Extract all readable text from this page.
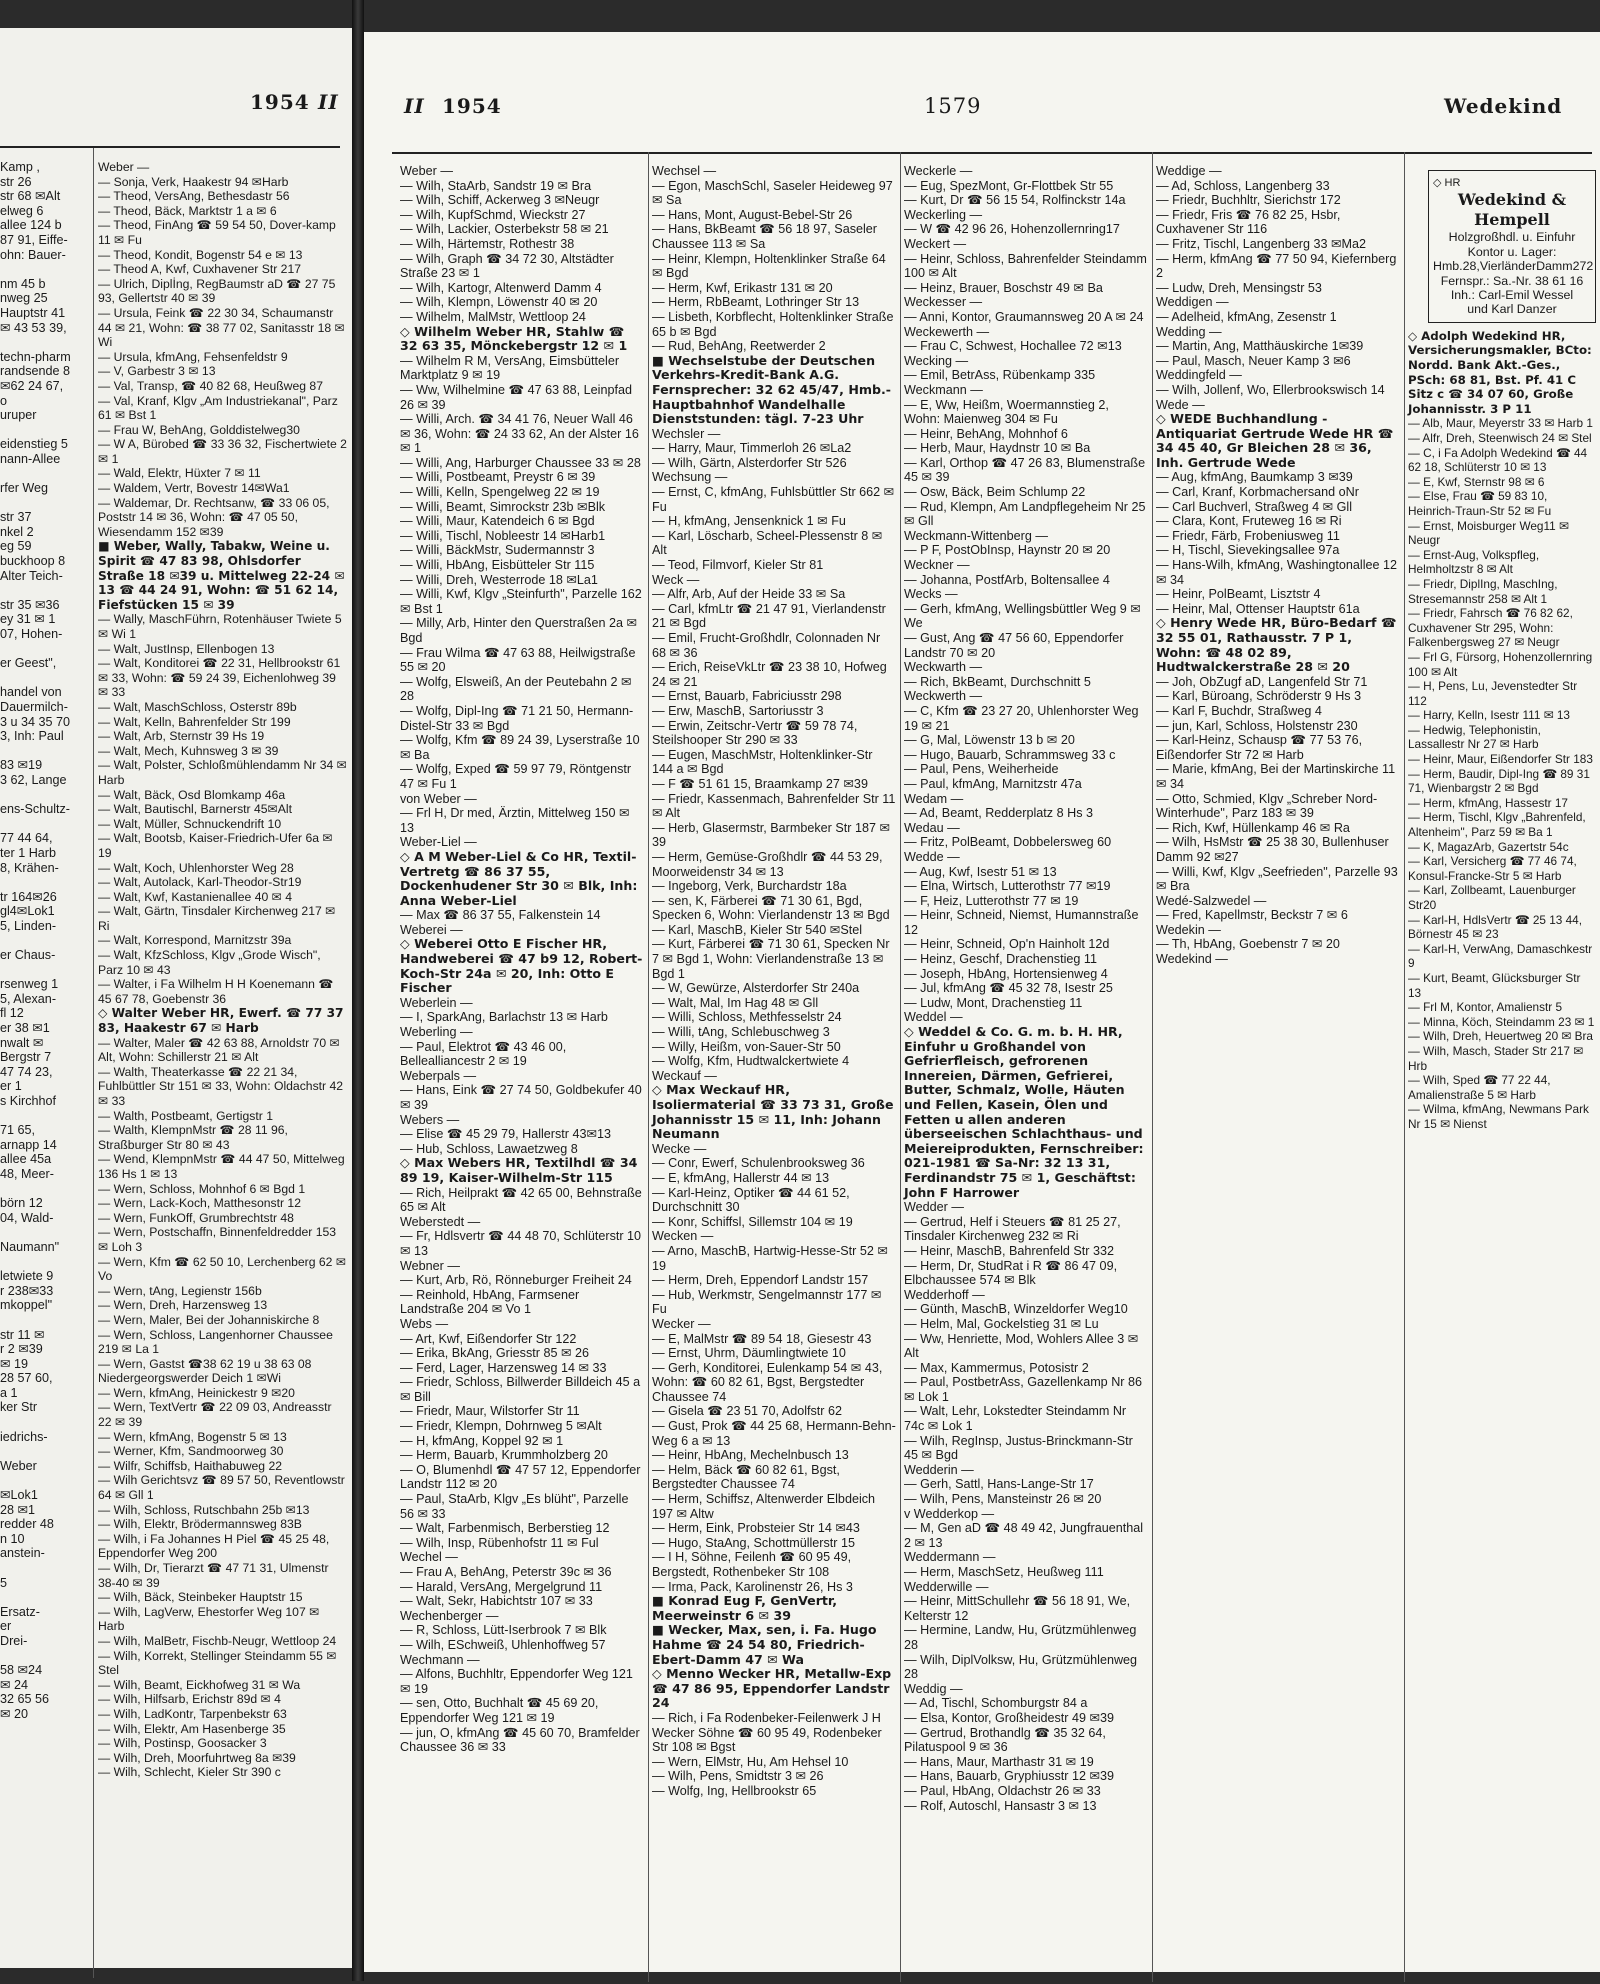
1954 II
Kamp ,
str 26
str 68 ✉Alt
elweg 6
allee 124 b
87 91, Eiffe-
ohn: Bauer-

nm 45 b
nweg 25
Hauptstr 41
✉ 43 53 39,

techn-pharm
randsende 8
✉62 24 67,
o
uruper

eidenstieg 5
nann-Allee

rfer Weg

str 37
nkel 2
eg 59
buckhoop 8
Alter Teich-

str 35 ✉36
ey 31 ✉ 1
07, Hohen-

er Geest",

handel von
Dauermilch-
3 u 34 35 70
3, Inh: Paul

83 ✉19
3 62, Lange

ens-Schultz-

77 44 64,
ter 1 Harb
8, Krähen-

tr 164✉26
gl4✉Lok1
5, Linden-

er Chaus-

rsenweg 1
5, Alexan-
fl 12
er 38 ✉1
nwalt ✉
Bergstr 7
47 74 23,
er 1
s Kirchhof

71 65,
arnapp 14
allee 45a
48, Meer-

börn 12
04, Wald-

Naumann"

letwiete 9
r 238✉33
mkoppel"

str 11 ✉
r 2 ✉39
✉ 19
28 57 60,
a 1
ker Str

iedrichs-

Weber

✉Lok1
28 ✉1
redder 48
n 10
anstein-

5

Ersatz-
er
Drei-

58 ✉24
✉ 24
32 65 56
✉ 20
Weber —
— Sonja, Verk, Haakestr 94 ✉Harb
— Theod, VersAng, Bethesdastr 56
— Theod, Bäck, Marktstr 1 a ✉ 6
— Theod, FinAng ☎ 59 54 50, Dover-kamp 11 ✉ Fu
— Theod, Kondit, Bogenstr 54 e ✉ 13
— Theod A, Kwf, Cuxhavener Str 217
— Ulrich, Diplİng, RegBaumstr aD ☎ 27 75 93, Gellertstr 40 ✉ 39
— Ursula, Feink ☎ 22 30 34, Schaumanstr 44 ✉ 21, Wohn: ☎ 38 77 02, Sanitasstr 18 ✉ Wi
— Ursula, kfmAng, Fehsenfeldstr 9
— V, Garbestr 3 ✉ 13
— Val, Transp, ☎ 40 82 68, Heußweg 87
— Val, Kranf, Klgv „Am Industriekanal", Parz 61 ✉ Bst 1
— Frau W, BehAng, Golddistelweg30
— W A, Bürobed ☎ 33 36 32, Fischertwiete 2 ✉ 1
— Wald, Elektr, Hüxter 7 ✉ 11
— Waldem, Vertr, Bovestr 14✉Wa1
— Waldemar, Dr. Rechtsanw, ☎ 33 06 05, Poststr 14 ✉ 36, Wohn: ☎ 47 05 50, Wiesendamm 152 ✉39
■ Weber, Wally, Tabakw, Weine u. Spirit ☎ 47 83 98, Ohlsdorfer Straße 18 ✉39 u. Mittelweg 22-24 ✉ 13 ☎ 44 24 91, Wohn: ☎ 51 62 14, Fiefstücken 15 ✉ 39
— Wally, MaschFührn, Rotenhäuser Twiete 5 ✉ Wi 1
— Walt, JustInsp, Ellenbogen 13
— Walt, Konditorei ☎ 22 31, Hellbrookstr 61 ✉ 33, Wohn: ☎ 59 24 39, Eichenlohweg 39 ✉ 33
— Walt, MaschSchloss, Osterstr 89b
— Walt, Kelln, Bahrenfelder Str 199
— Walt, Arb, Sternstr 39 Hs 19
— Walt, Mech, Kuhnsweg 3 ✉ 39
— Walt, Polster, Schloßmühlendamm Nr 34 ✉ Harb
— Walt, Bäck, Osd Blomkamp 46a
— Walt, Bautischl, Barnerstr 45✉Alt
— Walt, Müller, Schnuckendrift 10
— Walt, Bootsb, Kaiser-Friedrich-Ufer 6a ✉ 19
— Walt, Koch, Uhlenhorster Weg 28
— Walt, Autolack, Karl-Theodor-Str19
— Walt, Kwf, Kastanienallee 40 ✉ 4
— Walt, Gärtn, Tinsdaler Kirchenweg 217 ✉ Ri
— Walt, Korrespond, Marnitzstr 39a
— Walt, KfzSchloss, Klgv „Grode Wisch", Parz 10 ✉ 43
— Walter, i Fa Wilhelm H H Koenemann ☎ 45 67 78, Goebenstr 36
◇ Walter Weber HR, Ewerf. ☎ 77 37 83, Haakestr 67 ✉ Harb
— Walter, Maler ☎ 42 63 88, Arnoldstr 70 ✉ Alt, Wohn: Schillerstr 21 ✉ Alt
— Walth, Theaterkasse ☎ 22 21 34, Fuhlbüttler Str 151 ✉ 33, Wohn: Oldachstr 42 ✉ 33
— Walth, Postbeamt, Gertigstr 1
— Walth, KlempnMstr ☎ 28 11 96, Straßburger Str 80 ✉ 43
— Wend, KlempnMstr ☎ 44 47 50, Mittelweg 136 Hs 1 ✉ 13
— Wern, Schloss, Mohnhof 6 ✉ Bgd 1
— Wern, Lack-Koch, Matthesonstr 12
— Wern, FunkOff, Grumbrechtstr 48
— Wern, Postschaffn, Binnenfeldredder 153 ✉ Loh 3
— Wern, Kfm ☎ 62 50 10, Lerchenberg 62 ✉ Vo
— Wern, tAng, Legienstr 156b
— Wern, Dreh, Harzensweg 13
— Wern, Maler, Bei der Johanniskirche 8
— Wern, Schloss, Langenhorner Chaussee 219 ✉ La 1
— Wern, Gastst ☎38 62 19 u 38 63 08 Niedergeorgswerder Deich 1 ✉Wi
— Wern, kfmAng, Heinickestr 9 ✉20
— Wern, TextVertr ☎ 22 09 03, Andreasstr 22 ✉ 39
— Wern, kfmAng, Bogenstr 5 ✉ 13
— Werner, Kfm, Sandmoorweg 30
— Wilfr, Schiffsb, Haithabuweg 22
— Wilh Gerichtsvz ☎ 89 57 50, Reventlowstr 64 ✉ Gll 1
— Wilh, Schloss, Rutschbahn 25b ✉13
— Wilh, Elektr, Brödermannsweg 83B
— Wilh, i Fa Johannes H Piel ☎ 45 25 48, Eppendorfer Weg 200
— Wilh, Dr, Tierarzt ☎ 47 71 31, Ulmenstr 38-40 ✉ 39
— Wilh, Bäck, Steinbeker Hauptstr 15
— Wilh, LagVerw, Ehestorfer Weg 107 ✉ Harb
— Wilh, MalBetr, Fischb-Neugr, Wettloop 24
— Wilh, Korrekt, Stellinger Steindamm 55 ✉ Stel
— Wilh, Beamt, Eickhofweg 31 ✉ Wa
— Wilh, Hilfsarb, Erichstr 89d ✉ 4
— Wilh, LadKontr, Tarpenbekstr 63
— Wilh, Elektr, Am Hasenberge 35
— Wilh, Postinsp, Goosacker 3
— Wilh, Dreh, Moorfuhrtweg 8a ✉39
— Wilh, Schlecht, Kieler Str 390 c
II 1954	1579	Wedekind
Weber —
— Wilh, StaArb, Sandstr 19 ✉ Bra
— Wilh, Schiff, Ackerweg 3 ✉Neugr
— Wilh, KupfSchmd, Wieckstr 27
— Wilh, Lackier, Osterbekstr 58 ✉ 21
— Wilh, Härtemstr, Rothestr 38
— Wilh, Graph ☎ 34 72 30, Altstädter Straße 23 ✉ 1
— Wilh, Kartogr, Altenwerd Damm 4
— Wilh, Klempn, Löwenstr 40 ✉ 20
— Wilhelm, MalMstr, Wettloop 24
◇ Wilhelm Weber HR, Stahlw ☎ 32 63 35, Mönckebergstr 12 ✉ 1
— Wilhelm R M, VersAng, Eimsbütteler Marktplatz 9 ✉ 19
— Ww, Wilhelmine ☎ 47 63 88, Leinpfad 26 ✉ 39
— Willi, Arch. ☎ 34 41 76, Neuer Wall 46 ✉ 36, Wohn: ☎ 24 33 62, An der Alster 16 ✉ 1
— Willi, Ang, Harburger Chaussee 33 ✉ 28
— Willi, Postbeamt, Preystr 6 ✉ 39
— Willi, Kelln, Spengelweg 22 ✉ 19
— Willi, Beamt, Simrockstr 23b ✉Blk
— Willi, Maur, Katendeich 6 ✉ Bgd
— Willi, Tischl, Nobleestr 14 ✉Harb1
— Willi, BäckMstr, Sudermannstr 3
— Willi, HbAng, Eisbütteler Str 115
— Willi, Dreh, Westerrode 18 ✉La1
— Willi, Kwf, Klgv „Steinfurth", Parzelle 162 ✉ Bst 1
— Milly, Arb, Hinter den Querstraßen 2a ✉ Bgd
— Frau Wilma ☎ 47 63 88, Heilwigstraße 55 ✉ 20
— Wolfg, Elsweiß, An der Peutebahn 2 ✉ 28
— Wolfg, Dipl-Ing ☎ 71 21 50, Hermann-Distel-Str 33 ✉ Bgd
— Wolfg, Kfm ☎ 89 24 39, Lyserstraße 10 ✉ Ba
— Wolfg, Exped ☎ 59 97 79, Röntgenstr 47 ✉ Fu 1
von Weber —
— Frl H, Dr med, Ärztin, Mittelweg 150 ✉ 13
Weber-Liel —
◇ A M Weber-Liel & Co HR, Textil-Vertretg ☎ 86 37 55, Dockenhudener Str 30 ✉ Blk, Inh: Anna Weber-Liel
— Max ☎ 86 37 55, Falkenstein 14
Weberei —
◇ Weberei Otto E Fischer HR, Handweberei ☎ 47 b9 12, Robert-Koch-Str 24a ✉ 20, Inh: Otto E Fischer
Weberlein —
— I, SparkAng, Barlachstr 13 ✉ Harb
Weberling —
— Paul, Elektrot ☎ 43 46 00, Bellealliancestr 2 ✉ 19
Weberpals —
— Hans, Eink ☎ 27 74 50, Goldbekufer 40 ✉ 39
Webers —
— Elise ☎ 45 29 79, Hallerstr 43✉13
— Hub, Schloss, Lawaetzweg 8
◇ Max Webers HR, Textilhdl ☎ 34 89 19, Kaiser-Wilhelm-Str 115
— Rich, Heilprakt ☎ 42 65 00, Behnstraße 65 ✉ Alt
Weberstedt —
— Fr, Hdlsvertr ☎ 44 48 70, Schlüterstr 10 ✉ 13
Webner —
— Kurt, Arb, Rö, Rönneburger Freiheit 24
— Reinhold, HbAng, Farmsener Landstraße 204 ✉ Vo 1
Webs —
— Art, Kwf, Eißendorfer Str 122
— Erika, BkAng, Griesstr 85 ✉ 26
— Ferd, Lager, Harzensweg 14 ✉ 33
— Friedr, Schloss, Billwerder Billdeich 45 a ✉ Bill
— Friedr, Maur, Wilstorfer Str 11
— Friedr, Klempn, Dohrnweg 5 ✉Alt
— H, kfmAng, Koppel 92 ✉ 1
— Herm, Bauarb, Krummholzberg 20
— O, Blumenhdl ☎ 47 57 12, Eppendorfer Landstr 112 ✉ 20
— Paul, StaArb, Klgv „Es blüht", Parzelle 56 ✉ 33
— Walt, Farbenmisch, Berberstieg 12
— Wilh, Insp, Rübenhofstr 11 ✉ Ful
Wechel —
— Frau A, BehAng, Peterstr 39c ✉ 36
— Harald, VersAng, Mergelgrund 11
— Walt, Sekr, Habichtstr 107 ✉ 33
Wechenberger —
— R, Schloss, Lütt-Iserbrook 7 ✉ Blk
— Wilh, ESchweiß, Uhlenhoffweg 57
Wechmann —
— Alfons, Buchhltr, Eppendorfer Weg 121 ✉ 19
— sen, Otto, Buchhalt ☎ 45 69 20, Eppendorfer Weg 121 ✉ 19
— jun, O, kfmAng ☎ 45 60 70, Bramfelder Chaussee 36 ✉ 33
Wechsel —
— Egon, MaschSchl, Saseler Heideweg 97 ✉ Sa
— Hans, Mont, August-Bebel-Str 26
— Hans, BkBeamt ☎ 56 18 97, Saseler Chaussee 113 ✉ Sa
— Heinr, Klempn, Holtenklinker Straße 64 ✉ Bgd
— Herm, Kwf, Erikastr 131 ✉ 20
— Herm, RbBeamt, Lothringer Str 13
— Lisbeth, Korbflecht, Holtenklinker Straße 65 b ✉ Bgd
— Rud, BehAng, Reetwerder 2
■ Wechselstube der Deutschen Verkehrs-Kredit-Bank A.G. Fernsprecher: 32 62 45/47, Hmb.-Hauptbahnhof Wandelhalle Dienststunden: tägl. 7-23 Uhr
Wechsler —
— Harry, Maur, Timmerloh 26 ✉La2
— Wilh, Gärtn, Alsterdorfer Str 526
Wechsung —
— Ernst, C, kfmAng, Fuhlsbüttler Str 662 ✉ Fu
— H, kfmAng, Jensenknick 1 ✉ Fu
— Karl, Löscharb, Scheel-Plessenstr 8 ✉ Alt
— Teod, Filmvorf, Kieler Str 81
Weck —
— Alfr, Arb, Auf der Heide 33 ✉ Sa
— Carl, kfmLtr ☎ 21 47 91, Vierlandenstr 21 ✉ Bgd
— Emil, Frucht-Großhdlr, Colonnaden Nr 68 ✉ 36
— Erich, ReiseVkLtr ☎ 23 38 10, Hofweg 24 ✉ 21
— Ernst, Bauarb, Fabriciusstr 298
— Erw, MaschB, Sartoriusstr 3
— Erwin, Zeitschr-Vertr ☎ 59 78 74, Steilshooper Str 290 ✉ 33
— Eugen, MaschMstr, Holtenklinker-Str 144 a ✉ Bgd
— F ☎ 51 61 15, Braamkamp 27 ✉39
— Friedr, Kassenmach, Bahrenfelder Str 11 ✉ Alt
— Herb, Glasermstr, Barmbeker Str 187 ✉ 39
— Herm, Gemüse-Großhdlr ☎ 44 53 29, Moorweidenstr 34 ✉ 13
— Ingeborg, Verk, Burchardstr 18a
— sen, K, Färberei ☎ 71 30 61, Bgd, Specken 6, Wohn: Vierlandenstr 13 ✉ Bgd
— Karl, MaschB, Kieler Str 540 ✉Stel
— Kurt, Färberei ☎ 71 30 61, Specken Nr 7 ✉ Bgd 1, Wohn: Vierlandenstraße 13 ✉ Bgd 1
— W, Gewürze, Alsterdorfer Str 240a
— Walt, Mal, Im Hag 48 ✉ Gll
— Willi, Schloss, Methfesselstr 24
— Willi, tAng, Schlebuschweg 3
— Willy, Heißm, von-Sauer-Str 50
— Wolfg, Kfm, Hudtwalckertwiete 4
Weckauf —
◇ Max Weckauf HR, Isoliermaterial ☎ 33 73 31, Große Johannisstr 15 ✉ 11, Inh: Johann Neumann
Wecke —
— Conr, Ewerf, Schulenbrooksweg 36
— E, kfmAng, Hallerstr 44 ✉ 13
— Karl-Heinz, Optiker ☎ 44 61 52, Durchschnitt 30
— Konr, Schiffsl, Sillemstr 104 ✉ 19
Wecken —
— Arno, MaschB, Hartwig-Hesse-Str 52 ✉ 19
— Herm, Dreh, Eppendorf Landstr 157
— Hub, Werkmstr, Sengelmannstr 177 ✉ Fu
Wecker —
— E, MalMstr ☎ 89 54 18, Giesestr 43
— Ernst, Uhrm, Däumlingtwiete 10
— Gerh, Konditorei, Eulenkamp 54 ✉ 43, Wohn: ☎ 60 82 61, Bgst, Bergstedter Chaussee 74
— Gisela ☎ 23 51 70, Adolfstr 62
— Gust, Prok ☎ 44 25 68, Hermann-Behn-Weg 6 a ✉ 13
— Heinr, HbAng, Mechelnbusch 13
— Helm, Bäck ☎ 60 82 61, Bgst, Bergstedter Chaussee 74
— Herm, Schiffsz, Altenwerder Elbdeich 197 ✉ Altw
— Herm, Eink, Probsteier Str 14 ✉43
— Hugo, StaAng, Schottmüllerstr 15
— I H, Söhne, Feilenh ☎ 60 95 49, Bergstedt, Rothenbeker Str 108
— Irma, Pack, Karolinenstr 26, Hs 3
■ Konrad Eug F, GenVertr, Meerweinstr 6 ✉ 39
■ Wecker, Max, sen, i. Fa. Hugo Hahme ☎ 24 54 80, Friedrich-Ebert-Damm 47 ✉ Wa
◇ Menno Wecker HR, Metallw-Exp ☎ 47 86 95, Eppendorfer Landstr 24
— Rich, i Fa Rodenbeker-Feilenwerk J H Wecker Söhne ☎ 60 95 49, Rodenbeker Str 108 ✉ Bgst
— Wern, ElMstr, Hu, Am Hehsel 10
— Wilh, Pens, Smidtstr 3 ✉ 26
— Wolfg, Ing, Hellbrookstr 65
Weckerle —
— Eug, SpezMont, Gr-Flottbek Str 55
— Kurt, Dr ☎ 56 15 54, Rolfinckstr 14a
Weckerling —
— W ☎ 42 96 26, Hohenzollernring17
Weckert —
— Heinr, Schloss, Bahrenfelder Steindamm 100 ✉ Alt
— Heinz, Brauer, Boschstr 49 ✉ Ba
Weckesser —
— Anni, Kontor, Graumannsweg 20 A ✉ 24
Weckewerth —
— Frau C, Schwest, Hochallee 72 ✉13
Wecking —
— Emil, BetrAss, Rübenkamp 335
Weckmann —
— E, Ww, Heißm, Woermannstieg 2, Wohn: Maienweg 304 ✉ Fu
— Heinr, BehAng, Mohnhof 6
— Herb, Maur, Haydnstr 10 ✉ Ba
— Karl, Orthop ☎ 47 26 83, Blumenstraße 45 ✉ 39
— Osw, Bäck, Beim Schlump 22
— Rud, Klempn, Am Landpflegeheim Nr 25 ✉ Gll
Weckmann-Wittenberg —
— P F, PostObInsp, Haynstr 20 ✉ 20
Weckner —
— Johanna, PostfArb, Boltensallee 4
Wecks —
— Gerh, kfmAng, Wellingsbüttler Weg 9 ✉ We
— Gust, Ang ☎ 47 56 60, Eppendorfer Landstr 70 ✉ 20
Weckwarth —
— Rich, BkBeamt, Durchschnitt 5
Weckwerth —
— C, Kfm ☎ 23 27 20, Uhlenhorster Weg 19 ✉ 21
— G, Mal, Löwenstr 13 b ✉ 20
— Hugo, Bauarb, Schrammsweg 33 c
— Paul, Pens, Weiherheide
— Paul, kfmAng, Marnitzstr 47a
Wedam —
— Ad, Beamt, Redderplatz 8 Hs 3
Wedau —
— Fritz, PolBeamt, Dobbelersweg 60
Wedde —
— Aug, Kwf, Isestr 51 ✉ 13
— Elna, Wirtsch, Lutterothstr 77 ✉19
— F, Heiz, Lutterothstr 77 ✉ 19
— Heinr, Schneid, Niemst, Humannstraße 12
— Heinr, Schneid, Op'n Hainholt 12d
— Heinz, Geschf, Drachenstieg 11
— Joseph, HbAng, Hortensienweg 4
— Jul, kfmAng ☎ 45 32 78, Isestr 25
— Ludw, Mont, Drachenstieg 11
Weddel —
◇ Weddel & Co. G. m. b. H. HR, Einfuhr u Großhandel von Gefrierfleisch, gefrorenen Innereien, Därmen, Gefrierei, Butter, Schmalz, Wolle, Häuten und Fellen, Kasein, Ölen und Fetten u allen anderen überseeischen Schlachthaus- und Meiereiprodukten, Fernschreiber: 021-1981 ☎ Sa-Nr: 32 13 31, Ferdinandstr 75 ✉ 1, Geschäftst: John F Harrower
Wedder —
— Gertrud, Helf i Steuers ☎ 81 25 27, Tinsdaler Kirchenweg 232 ✉ Ri
— Heinr, MaschB, Bahrenfeld Str 332
— Herm, Dr, StudRat i R ☎ 86 47 09, Elbchaussee 574 ✉ Blk
Wedderhoff —
— Günth, MaschB, Winzeldorfer Weg10
— Helm, Mal, Gockelstieg 31 ✉ Lu
— Ww, Henriette, Mod, Wohlers Allee 3 ✉ Alt
— Max, Kammermus, Potosistr 2
— Paul, PostbetrAss, Gazellenkamp Nr 86 ✉ Lok 1
— Walt, Lehr, Lokstedter Steindamm Nr 74c ✉ Lok 1
— Wilh, RegInsp, Justus-Brinckmann-Str 45 ✉ Bgd
Wedderin —
— Gerh, Sattl, Hans-Lange-Str 17
— Wilh, Pens, Mansteinstr 26 ✉ 20
v Wedderkop —
— M, Gen aD ☎ 48 49 42, Jungfrauenthal 2 ✉ 13
Weddermann —
— Herm, MaschSetz, Heußweg 111
Wedderwille —
— Heinr, MittSchullehr ☎ 56 18 91, We, Kelterstr 12
— Hermine, Landw, Hu, Grützmühlenweg 28
— Wilh, DiplVolksw, Hu, Grützmühlenweg 28
Weddig —
— Ad, Tischl, Schomburgstr 84 a
— Elsa, Kontor, Großheidestr 49 ✉39
— Gertrud, Brothandlg ☎ 35 32 64, Pilatuspool 9 ✉ 36
— Hans, Maur, Marthastr 31 ✉ 19
— Hans, Bauarb, Gryphiusstr 12 ✉39
— Paul, HbAng, Oldachstr 26 ✉ 33
— Rolf, Autoschl, Hansastr 3 ✉ 13
Weddige —
— Ad, Schloss, Langenberg 33
— Friedr, Buchhltr, Sierichstr 172
— Friedr, Fris ☎ 76 82 25, Hsbr, Cuxhavener Str 116
— Fritz, Tischl, Langenberg 33 ✉Ma2
— Herm, kfmAng ☎ 77 50 94, Kiefernberg 2
— Ludw, Dreh, Mensingstr 53
Weddigen —
— Adelheid, kfmAng, Zesenstr 1
Wedding —
— Martin, Ang, Matthäuskirche 1✉39
— Paul, Masch, Neuer Kamp 3 ✉6
Weddingfeld —
— Wilh, Jollenf, Wo, Ellerbrookswisch 14
Wede —
◇ WEDE Buchhandlung - Antiquariat Gertrude Wede HR ☎ 34 45 40, Gr Bleichen 28 ✉ 36, Inh. Gertrude Wede
— Aug, kfmAng, Baumkamp 3 ✉39
— Carl, Kranf, Korbmachersand oNr
— Carl Buchverl, Straßweg 4 ✉ Gll
— Clara, Kont, Fruteweg 16 ✉ Ri
— Friedr, Färb, Frobeniusweg 11
— H, Tischl, Sievekingsallee 97a
— Hans-Wilh, kfmAng, Washingtonallee 12 ✉ 34
— Heinr, PolBeamt, Lisztstr 4
— Heinr, Mal, Ottenser Hauptstr 61a
◇ Henry Wede HR, Büro-Bedarf ☎ 32 55 01, Rathausstr. 7 P 1, Wohn: ☎ 48 02 89, Hudtwalckerstraße 28 ✉ 20
— Joh, ObZugf aD, Langenfeld Str 71
— Karl, Büroang, Schröderstr 9 Hs 3
— Karl F, Buchdr, Straßweg 4
— jun, Karl, Schloss, Holstenstr 230
— Karl-Heinz, Schausp ☎ 77 53 76, Eißendorfer Str 72 ✉ Harb
— Marie, kfmAng, Bei der Martinskirche 11 ✉ 34
— Otto, Schmied, Klgv „Schreber Nord-Winterhude", Parz 183 ✉ 39
— Rich, Kwf, Hüllenkamp 46 ✉ Ra
— Wilh, HsMstr ☎ 25 38 30, Bullenhuser Damm 92 ✉27
— Willi, Kwf, Klgv „Seefrieden", Parzelle 93 ✉ Bra
Wedé-Salzwedel —
— Fred, Kapellmstr, Beckstr 7 ✉ 6
Wedekin —
— Th, HbAng, Goebenstr 7 ✉ 20
Wedekind —
◇ HR
Wedekind & Hempell
Holzgroßhdl. u. Einfuhr
Kontor u. Lager:
Hmb.28,VierländerDamm272
Fernspr.: Sa.-Nr. 38 61 16
Inh.: Carl-Emil Wessel
und Karl Danzer
◇ Adolph Wedekind HR, Versicherungsmakler, BCto: Nordd. Bank Akt.-Ges., PSch: 68 81, Bst. Pf. 41 C Sitz c ☎ 34 07 60, Große Johannisstr. 3 P 11
— Alb, Maur, Meyerstr 33 ✉ Harb 1
— Alfr, Dreh, Steenwisch 24 ✉ Stel
— C, i Fa Adolph Wedekind ☎ 44 62 18, Schlüterstr 10 ✉ 13
— E, Kwf, Sternstr 98 ✉ 6
— Else, Frau ☎ 59 83 10, Heinrich-Traun-Str 52 ✉ Fu
— Ernst, Moisburger Weg11 ✉Neugr
— Ernst-Aug, Volkspfleg, Helmholtzstr 8 ✉ Alt
— Friedr, DiplIng, MaschIng, Stresemannstr 258 ✉ Alt 1
— Friedr, Fahrsch ☎ 76 82 62, Cuxhavener Str 295, Wohn: Falkenbergsweg 27 ✉ Neugr
— Frl G, Fürsorg, Hohenzollernring 100 ✉ Alt
— H, Pens, Lu, Jevenstedter Str 112
— Harry, Kelln, Isestr 111 ✉ 13
— Hedwig, Telephonistin, Lassallestr Nr 27 ✉ Harb
— Heinr, Maur, Eißendorfer Str 183
— Herm, Baudir, Dipl-Ing ☎ 89 31 71, Wienbargstr 2 ✉ Bgd
— Herm, kfmAng, Hassestr 17
— Herm, Tischl, Klgv „Bahrenfeld, Altenheim", Parz 59 ✉ Ba 1
— K, MagazArb, Gazertstr 54c
— Karl, Versicherg ☎ 77 46 74, Konsul-Francke-Str 5 ✉ Harb
— Karl, Zollbeamt, Lauenburger Str20
— Karl-H, HdlsVertr ☎ 25 13 44, Börnestr 45 ✉ 23
— Karl-H, VerwAng, Damaschkestr 9
— Kurt, Beamt, Glücksburger Str 13
— Frl M, Kontor, Amalienstr 5
— Minna, Köch, Steindamm 23 ✉ 1
— Wilh, Dreh, Heuertweg 20 ✉ Bra
— Wilh, Masch, Stader Str 217 ✉Hrb
— Wilh, Sped ☎ 77 22 44, Amalienstraße 5 ✉ Harb
— Wilma, kfmAng, Newmans Park Nr 15 ✉ Nienst
